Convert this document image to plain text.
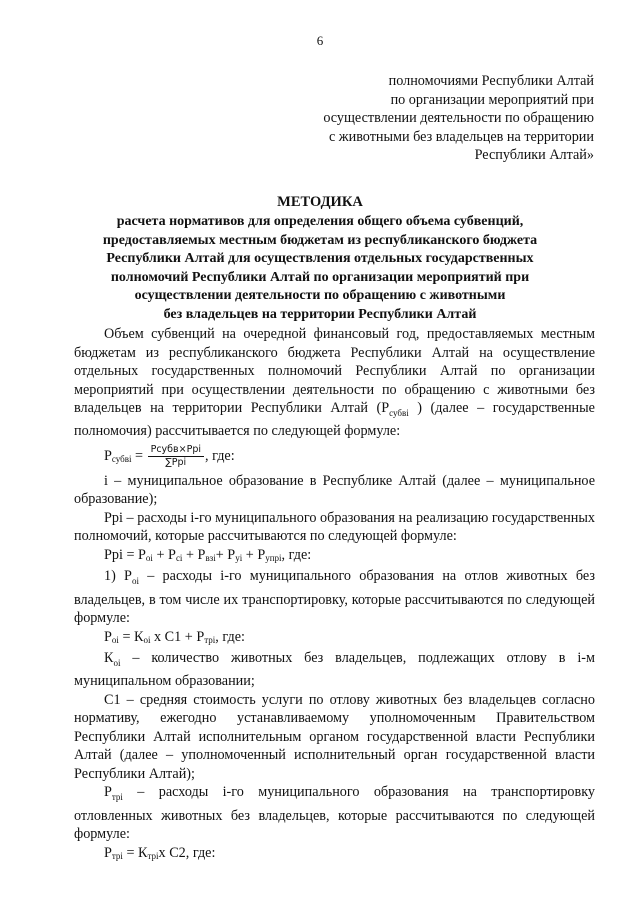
6
полномочиями Республики Алтай
по организации мероприятий при
осуществлении деятельности по обращению
с животными без владельцев на территории
Республики Алтай»
МЕТОДИКА
расчета нормативов для определения общего объема субвенций,
предоставляемых местным бюджетам из республиканского бюджета
Республики Алтай для осуществления отдельных государственных
полномочий Республики Алтай по организации мероприятий при
осуществлении деятельности по обращению с животными
без владельцев на территории Республики Алтай

Объем субвенций на очередной финансовый год, предоставляемых местным бюджетам из республиканского бюджета Республики Алтай на осуществление отдельных государственных полномочий Республики Алтай по организации мероприятий при осуществлении деятельности по обращению с животными без владельцев на территории Республики Алтай ($Р_{субві}$ ) (далее – государственные полномочия) рассчитывается по следующей формуле:

$Р_{субві} = \frac{\text{Рсубв×Ррi}}{\text{∑Ррi}}$ , где:

i – муниципальное образование в Республике Алтай (далее – муниципальное образование);

Ррi – расходы i-го муниципального образования на реализацию государственных полномочий, которые рассчитываются по следующей формуле:

Ррi = $Р_{оi} + Р_{сi} + Р_{взi}+ Р_{уi} + Р_{упрi}$, где:

1) $Р_{оi}$ – расходы i-го муниципального образования на отлов животных без владельцев, в том числе их транспортировку, которые рассчитываются по следующей формуле:

$Р_{оi} = К_{оi}$ х $С1 + Р_{трi}$, где:

$К_{оi}$ – количество животных без владельцев, подлежащих отлову в i-м муниципальном образовании;

С1 – средняя стоимость услуги по отлову животных без владельцев согласно нормативу, ежегодно устанавливаемому уполномоченным Правительством Республики Алтай исполнительным органом государственной власти Республики Алтай (далее – уполномоченный исполнительный орган государственной власти Республики Алтай);

$Р_{трi}$ – расходы i-го муниципального образования на транспортировку отловленных животных без владельцев, которые рассчитываются по следующей формуле:

$Р_{трi} = К_{трi}х$ С2, где:
